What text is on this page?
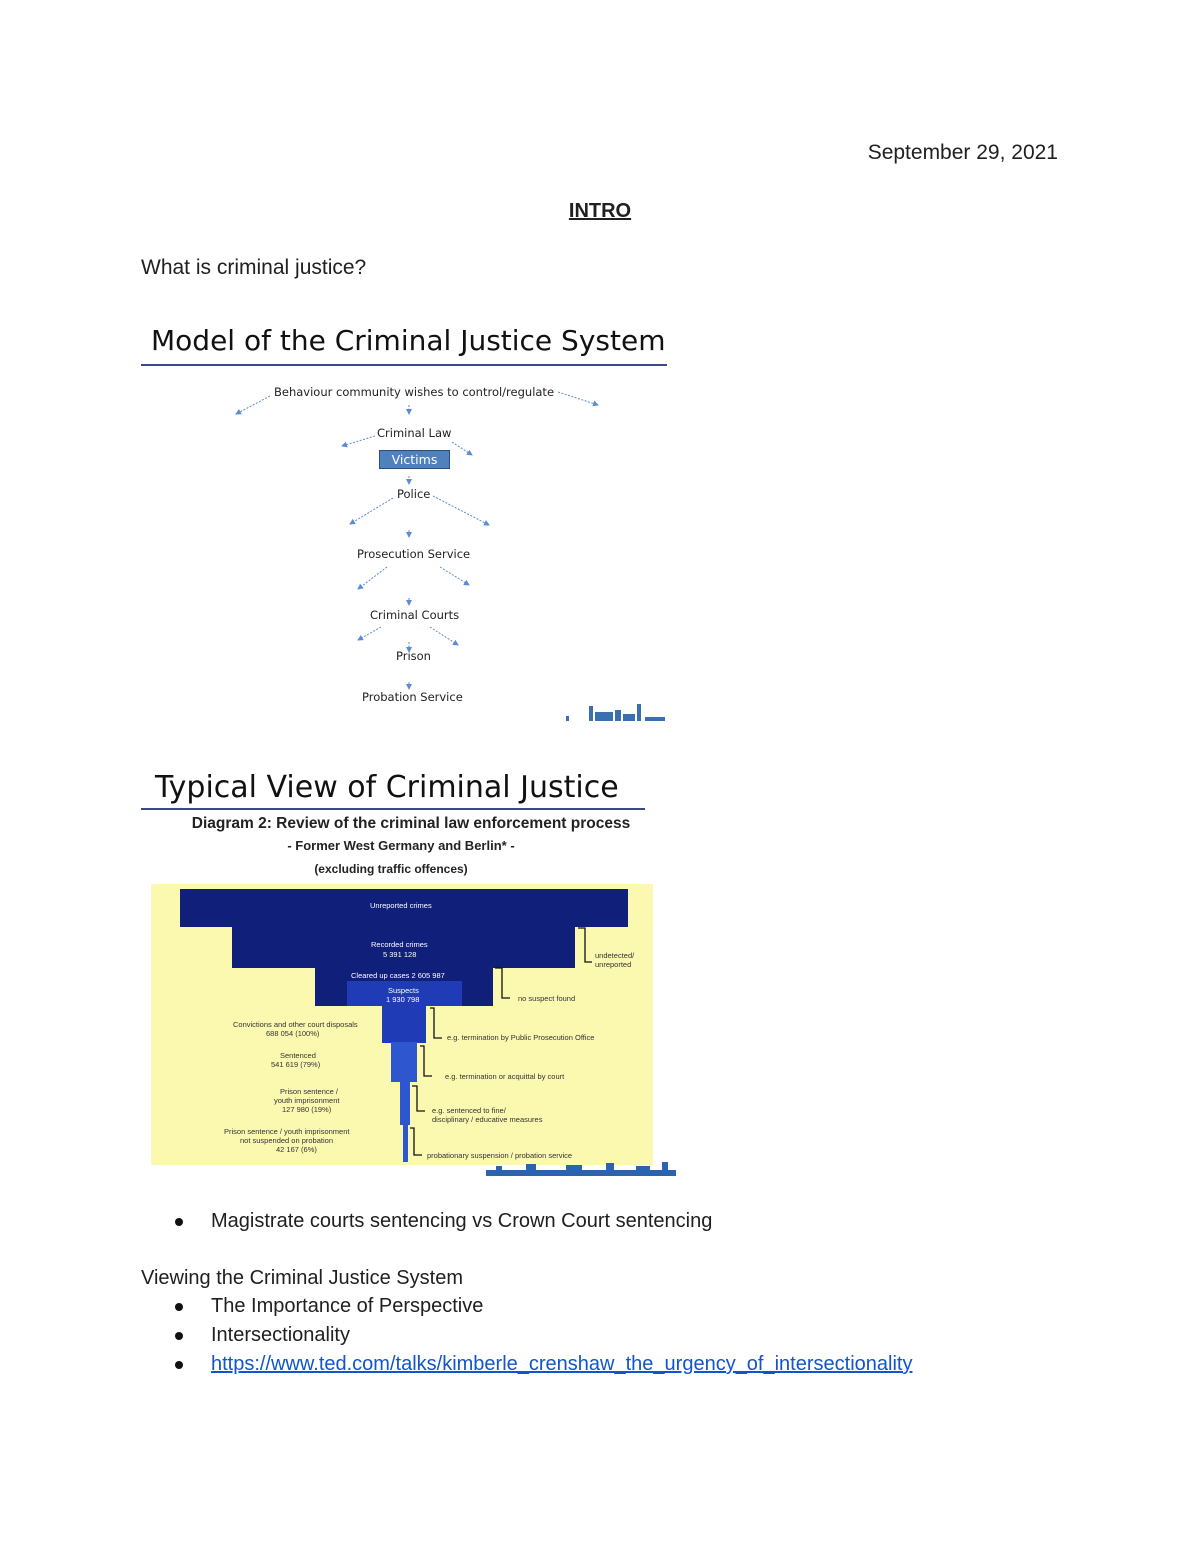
September 29, 2021
INTRO
What is criminal justice?
Model of the Criminal Justice System
Behaviour community wishes to control/regulate
Criminal Law
Victims
Police
Prosecution Service
Criminal Courts
Prison
Probation Service
Typical View of Criminal Justice
Diagram 2: Review of the criminal law enforcement process
- Former West Germany and Berlin* -
(excluding traffic offences)
Unreported crimes
Recorded crimes
5 391 128
Cleared up cases 2 605 987
Suspects
1 930 798
Convictions and other court disposals
688 054 (100%)
Sentenced
541 619 (79%)
Prison sentence /
youth imprisonment
127 980 (19%)
Prison sentence / youth imprisonment
not suspended on probation
42 167 (6%)
undetected/
unreported
no suspect found
e.g. termination by Public Prosecution Office
e.g. termination or acquittal by court
e.g. sentenced to fine/
disciplinary / educative measures
probationary suspension / probation service
Magistrate courts sentencing vs Crown Court sentencing
Viewing the Criminal Justice System
The Importance of Perspective
Intersectionality
https://www.ted.com/talks/kimberle_crenshaw_the_urgency_of_intersectionality
